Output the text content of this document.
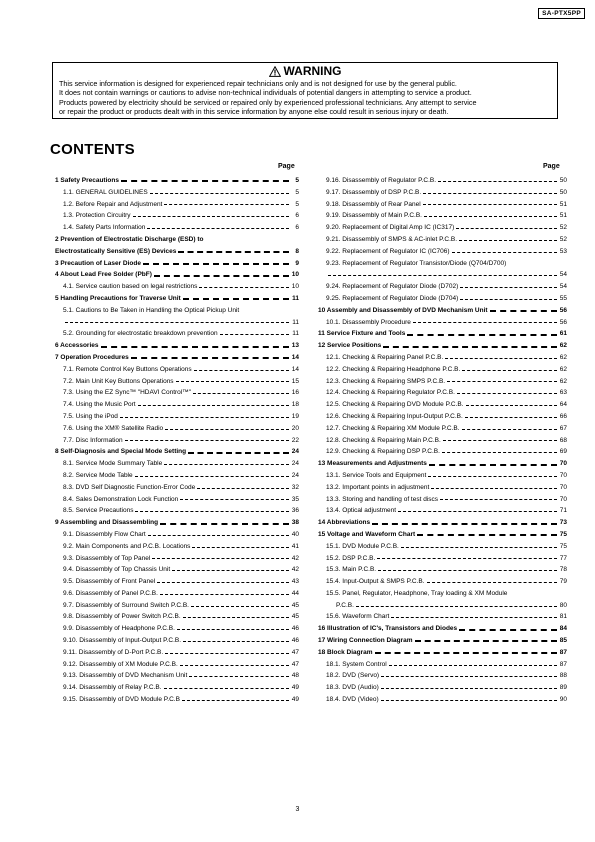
SA-PTX5PP
WARNING
This service information is designed for experienced repair technicians only and is not designed for use by the general public.
It does not contain warnings or cautions to advise non-technical individuals of potential dangers in attempting to service a product.
Products powered by electricity should be serviced or repaired only by experienced professional technicians. Any attempt to service
or repair the product or products dealt with in this service information by anyone else could result in serious injury or death.
CONTENTS
Page	Page
1 Safety Precautions	5
1.1. GENERAL GUIDELINES	5
1.2. Before Repair and Adjustment	5
1.3. Protection Circuitry	6
1.4. Safety Parts Information	6
2 Prevention of Electrostatic Discharge (ESD) to
Electrostatically Sensitive (ES) Devices	8
3 Precaution of Laser Diode	9
4 About Lead Free Solder (PbF)	10
4.1. Service caution based on legal restrictions	10
5 Handling Precautions for Traverse Unit	11
5.1. Cautions to Be Taken in Handling the Optical Pickup Unit
11
5.2. Grounding for electrostatic breakdown prevention	11
6 Accessories	13
7 Operation Procedures	14
7.1. Remote Control Key Buttons Operations	14
7.2. Main Unit Key Buttons Operations	15
7.3. Using the EZ Sync™ "HDAVI Control™"	16
7.4. Using the Music Port	18
7.5. Using the iPod	19
7.6. Using the XM® Satellite Radio	20
7.7. Disc Information	22
8 Self-Diagnosis and Special Mode Setting	24
8.1. Service Mode Summary Table	24
8.2. Service Mode Table	24
8.3. DVD Self Diagnostic Function-Error Code	32
8.4. Sales Demonstration Lock Function	35
8.5. Service Precautions	36
9 Assembling and Disassembling	38
9.1. Disassembly Flow Chart	40
9.2. Main Components and P.C.B. Locations	41
9.3. Disassembly of Top Panel	42
9.4. Disassembly of Top Chassis Unit	42
9.5. Disassembly of Front Panel	43
9.6. Disassembly of Panel P.C.B.	44
9.7. Disassembly of Surround Switch P.C.B.	45
9.8. Disassembly of Power Switch P.C.B.	45
9.9. Disassembly of Headphone P.C.B.	46
9.10. Disassembly of Input-Output P.C.B.	46
9.11. Disassembly of D-Port P.C.B.	47
9.12. Disassembly of XM Module P.C.B.	47
9.13. Disassembly of DVD Mechanism Unit	48
9.14. Disassembly of Relay P.C.B.	49
9.15. Disassembly of DVD Module P.C.B	49
9.16. Disassembly of Regulator P.C.B.	50
9.17. Disassembly of DSP P.C.B.	50
9.18. Disassembly of Rear Panel	51
9.19. Disassembly of Main P.C.B.	51
9.20. Replacement of Digital Amp IC (IC317)	52
9.21. Disassembly of SMPS & AC-inlet P.C.B.	52
9.22. Replacement of Regulator IC (IC706)	53
9.23. Replacement of Regulator Transistor/Diode (Q704/D700)
54
9.24. Replacement of Regulator Diode (D702)	54
9.25. Replacement of Regulator Diode (D704)	55
10 Assembly and Disassembly of DVD Mechanism Unit	56
10.1. Disassembly Procedure	56
11 Service Fixture and Tools	61
12 Service Positions	62
12.1. Checking & Repairing Panel P.C.B.	62
12.2. Checking & Repairing Headphone P.C.B.	62
12.3. Checking & Repairing SMPS P.C.B.	62
12.4. Checking & Repairing Regulator P.C.B.	63
12.5. Checking & Repairing DVD Module P.C.B.	64
12.6. Checking & Repairing Input-Output P.C.B.	66
12.7. Checking & Repairing XM Module P.C.B.	67
12.8. Checking & Repairing Main P.C.B.	68
12.9. Checking & Repairing DSP P.C.B.	69
13 Measurements and Adjustments	70
13.1. Service Tools and Equipment	70
13.2. Important points in adjustment	70
13.3. Storing and handling of test discs	70
13.4. Optical adjustment	71
14 Abbreviations	73
15 Voltage and Waveform Chart	75
15.1. DVD Module P.C.B.	75
15.2. DSP P.C.B.	77
15.3. Main P.C.B.	78
15.4. Input-Output & SMPS P.C.B.	79
15.5. Panel, Regulator, Headphone, Tray loading & XM Module
P.C.B.	80
15.6. Waveform Chart	81
16 Illustration of IC's, Transistors and Diodes	84
17 Wiring Connection Diagram	85
18 Block Diagram	87
18.1. System Control	87
18.2. DVD (Servo)	88
18.3. DVD (Audio)	89
18.4. DVD (Video)	90
3
